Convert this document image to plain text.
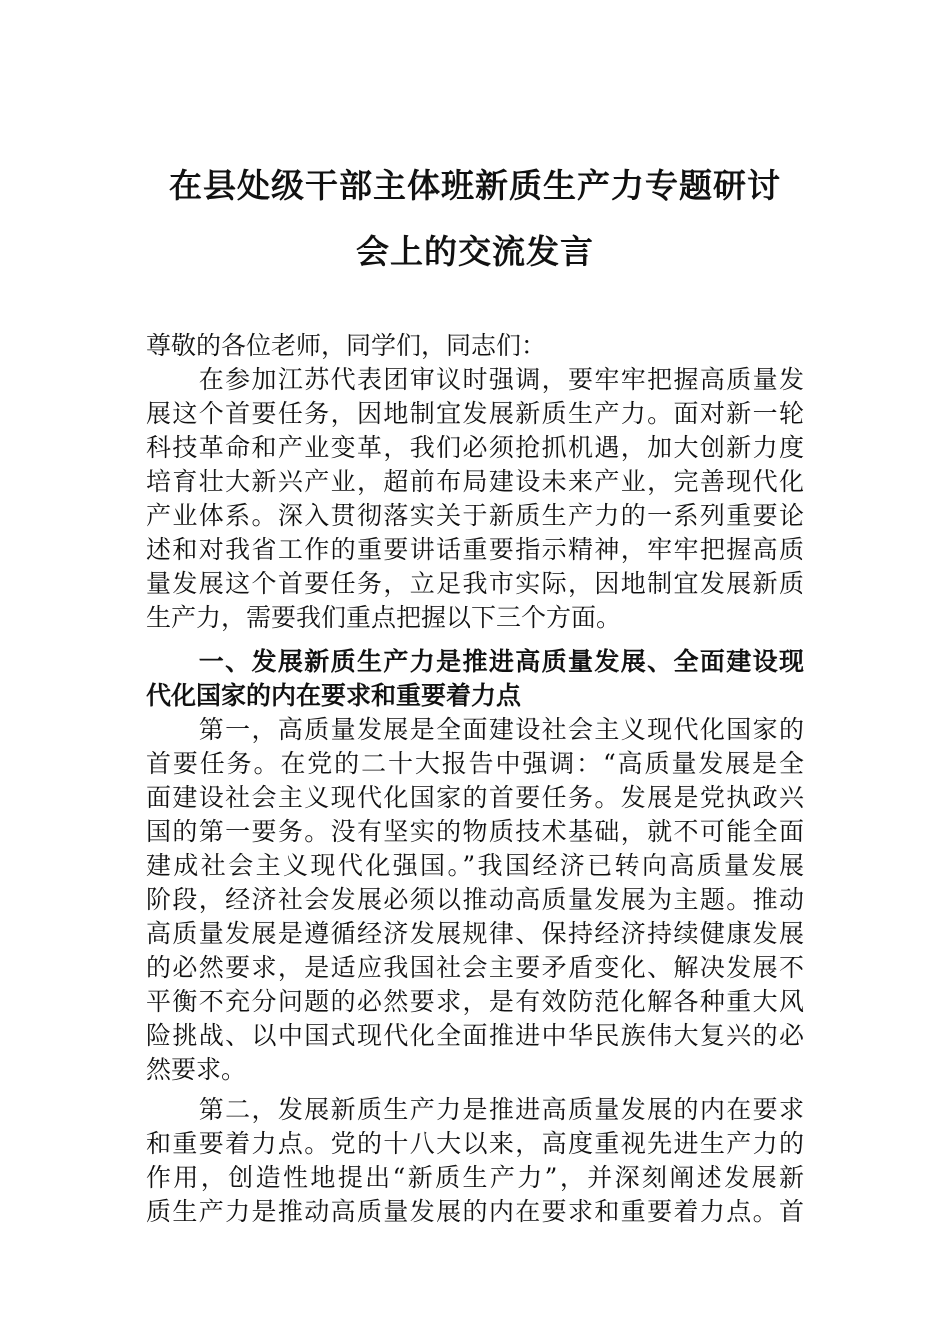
在县处级干部主体班新质生产力专题研讨
会上的交流发言
尊敬的各位老师，同学们，同志们：
　　在参加江苏代表团审议时强调，要牢牢把握高质量发
展这个首要任务，因地制宜发展新质生产力。面对新一轮
科技革命和产业变革，我们必须抢抓机遇，加大创新力度
培育壮大新兴产业，超前布局建设未来产业，完善现代化
产业体系。深入贯彻落实关于新质生产力的一系列重要论
述和对我省工作的重要讲话重要指示精神，牢牢把握高质
量发展这个首要任务，立足我市实际，因地制宜发展新质
生产力，需要我们重点把握以下三个方面。
　　一、发展新质生产力是推进高质量发展、全面建设现
代化国家的内在要求和重要着力点
　　第一，高质量发展是全面建设社会主义现代化国家的
首要任务。在党的二十大报告中强调：“高质量发展是全
面建设社会主义现代化国家的首要任务。发展是党执政兴
国的第一要务。没有坚实的物质技术基础，就不可能全面
建成社会主义现代化强国。”我国经济已转向高质量发展
阶段，经济社会发展必须以推动高质量发展为主题。推动
高质量发展是遵循经济发展规律、保持经济持续健康发展
的必然要求，是适应我国社会主要矛盾变化、解决发展不
平衡不充分问题的必然要求，是有效防范化解各种重大风
险挑战、以中国式现代化全面推进中华民族伟大复兴的必
然要求。
　　第二，发展新质生产力是推进高质量发展的内在要求
和重要着力点。党的十八大以来，高度重视先进生产力的
作用，创造性地提出“新质生产力”，并深刻阐述发展新
质生产力是推动高质量发展的内在要求和重要着力点。首
